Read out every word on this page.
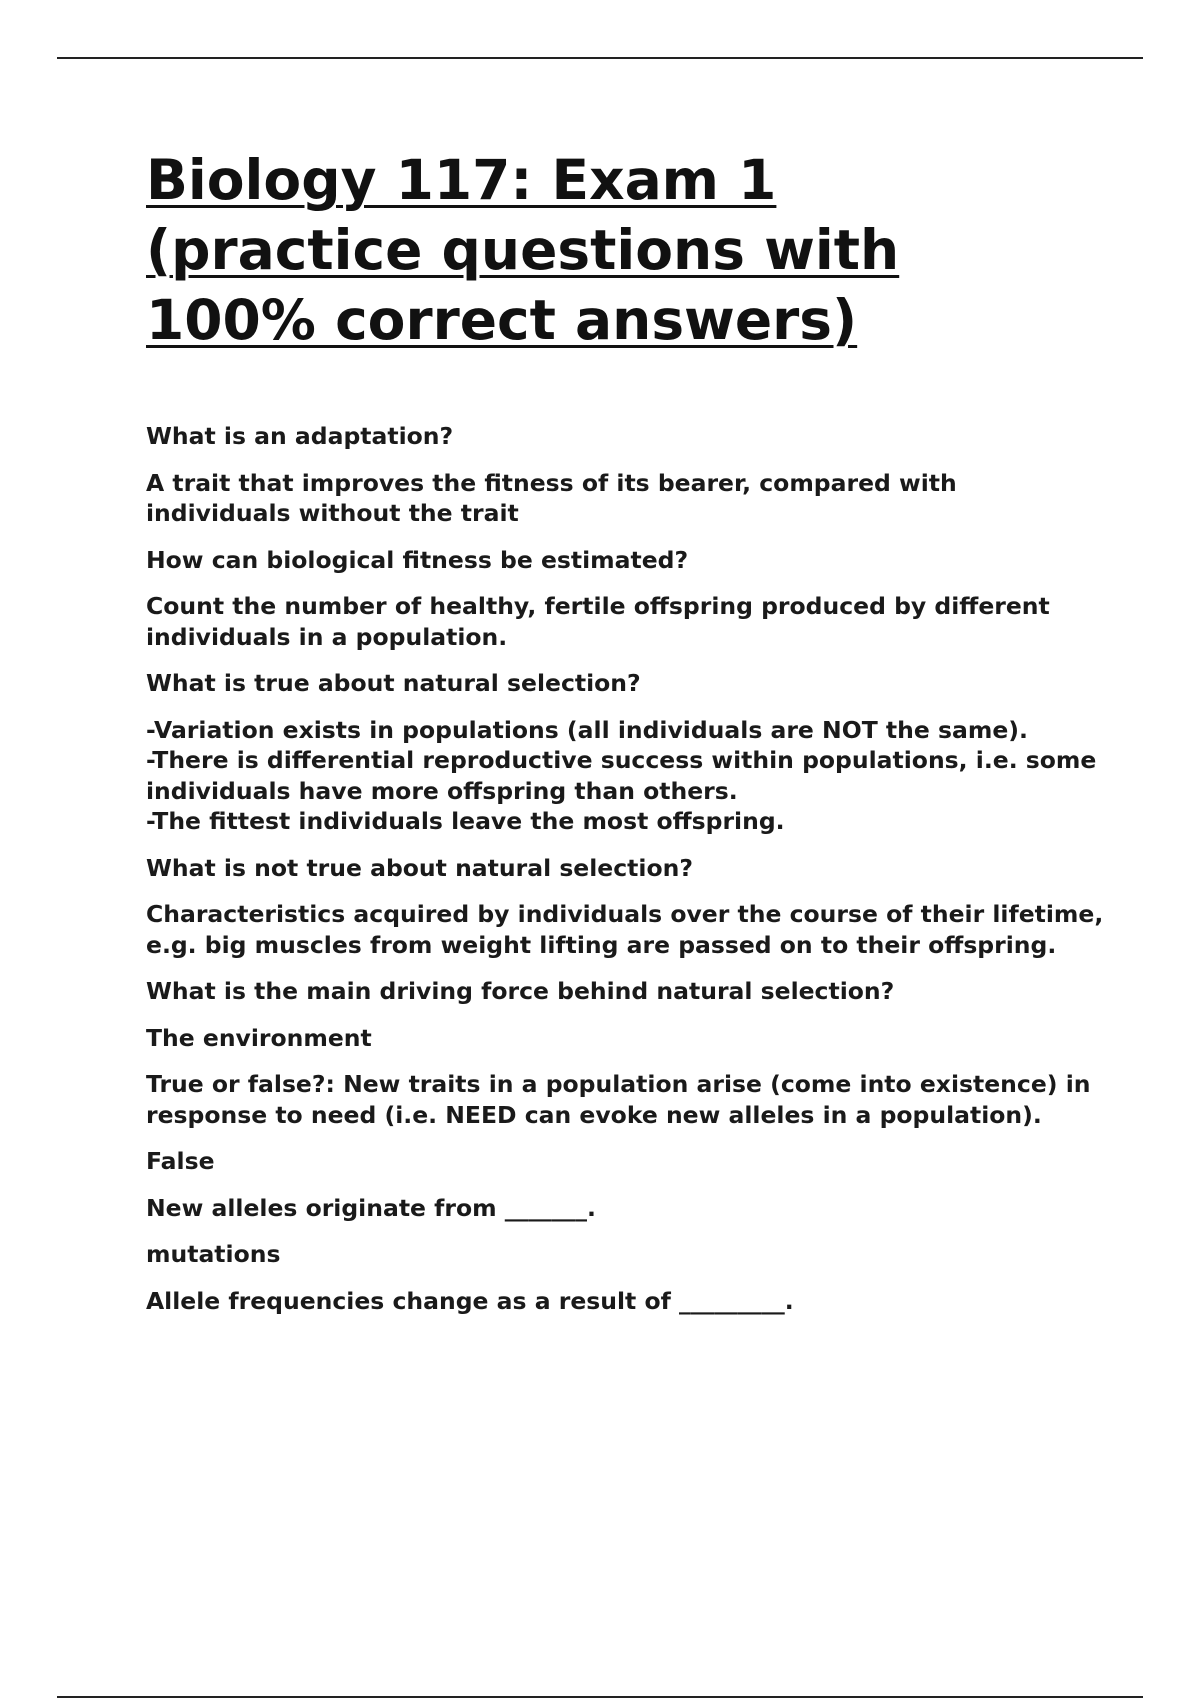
Biology 117: Exam 1
(practice questions with
100% correct answers)

What is an adaptation?

A trait that improves the fitness of its bearer, compared with individuals without the trait

How can biological fitness be estimated?

Count the number of healthy, fertile offspring produced by different individuals in a population.

What is true about natural selection?

-Variation exists in populations (all individuals are NOT the same).
-There is differential reproductive success within populations, i.e. some individuals have more offspring than others.
-The fittest individuals leave the most offspring.

What is not true about natural selection?

Characteristics acquired by individuals over the course of their lifetime, e.g. big muscles from weight lifting are passed on to their offspring.

What is the main driving force behind natural selection?

The environment

True or false?: New traits in a population arise (come into existence) in response to need (i.e. NEED can evoke new alleles in a population).

False

New alleles originate from _______.

mutations

Allele frequencies change as a result of _________.
